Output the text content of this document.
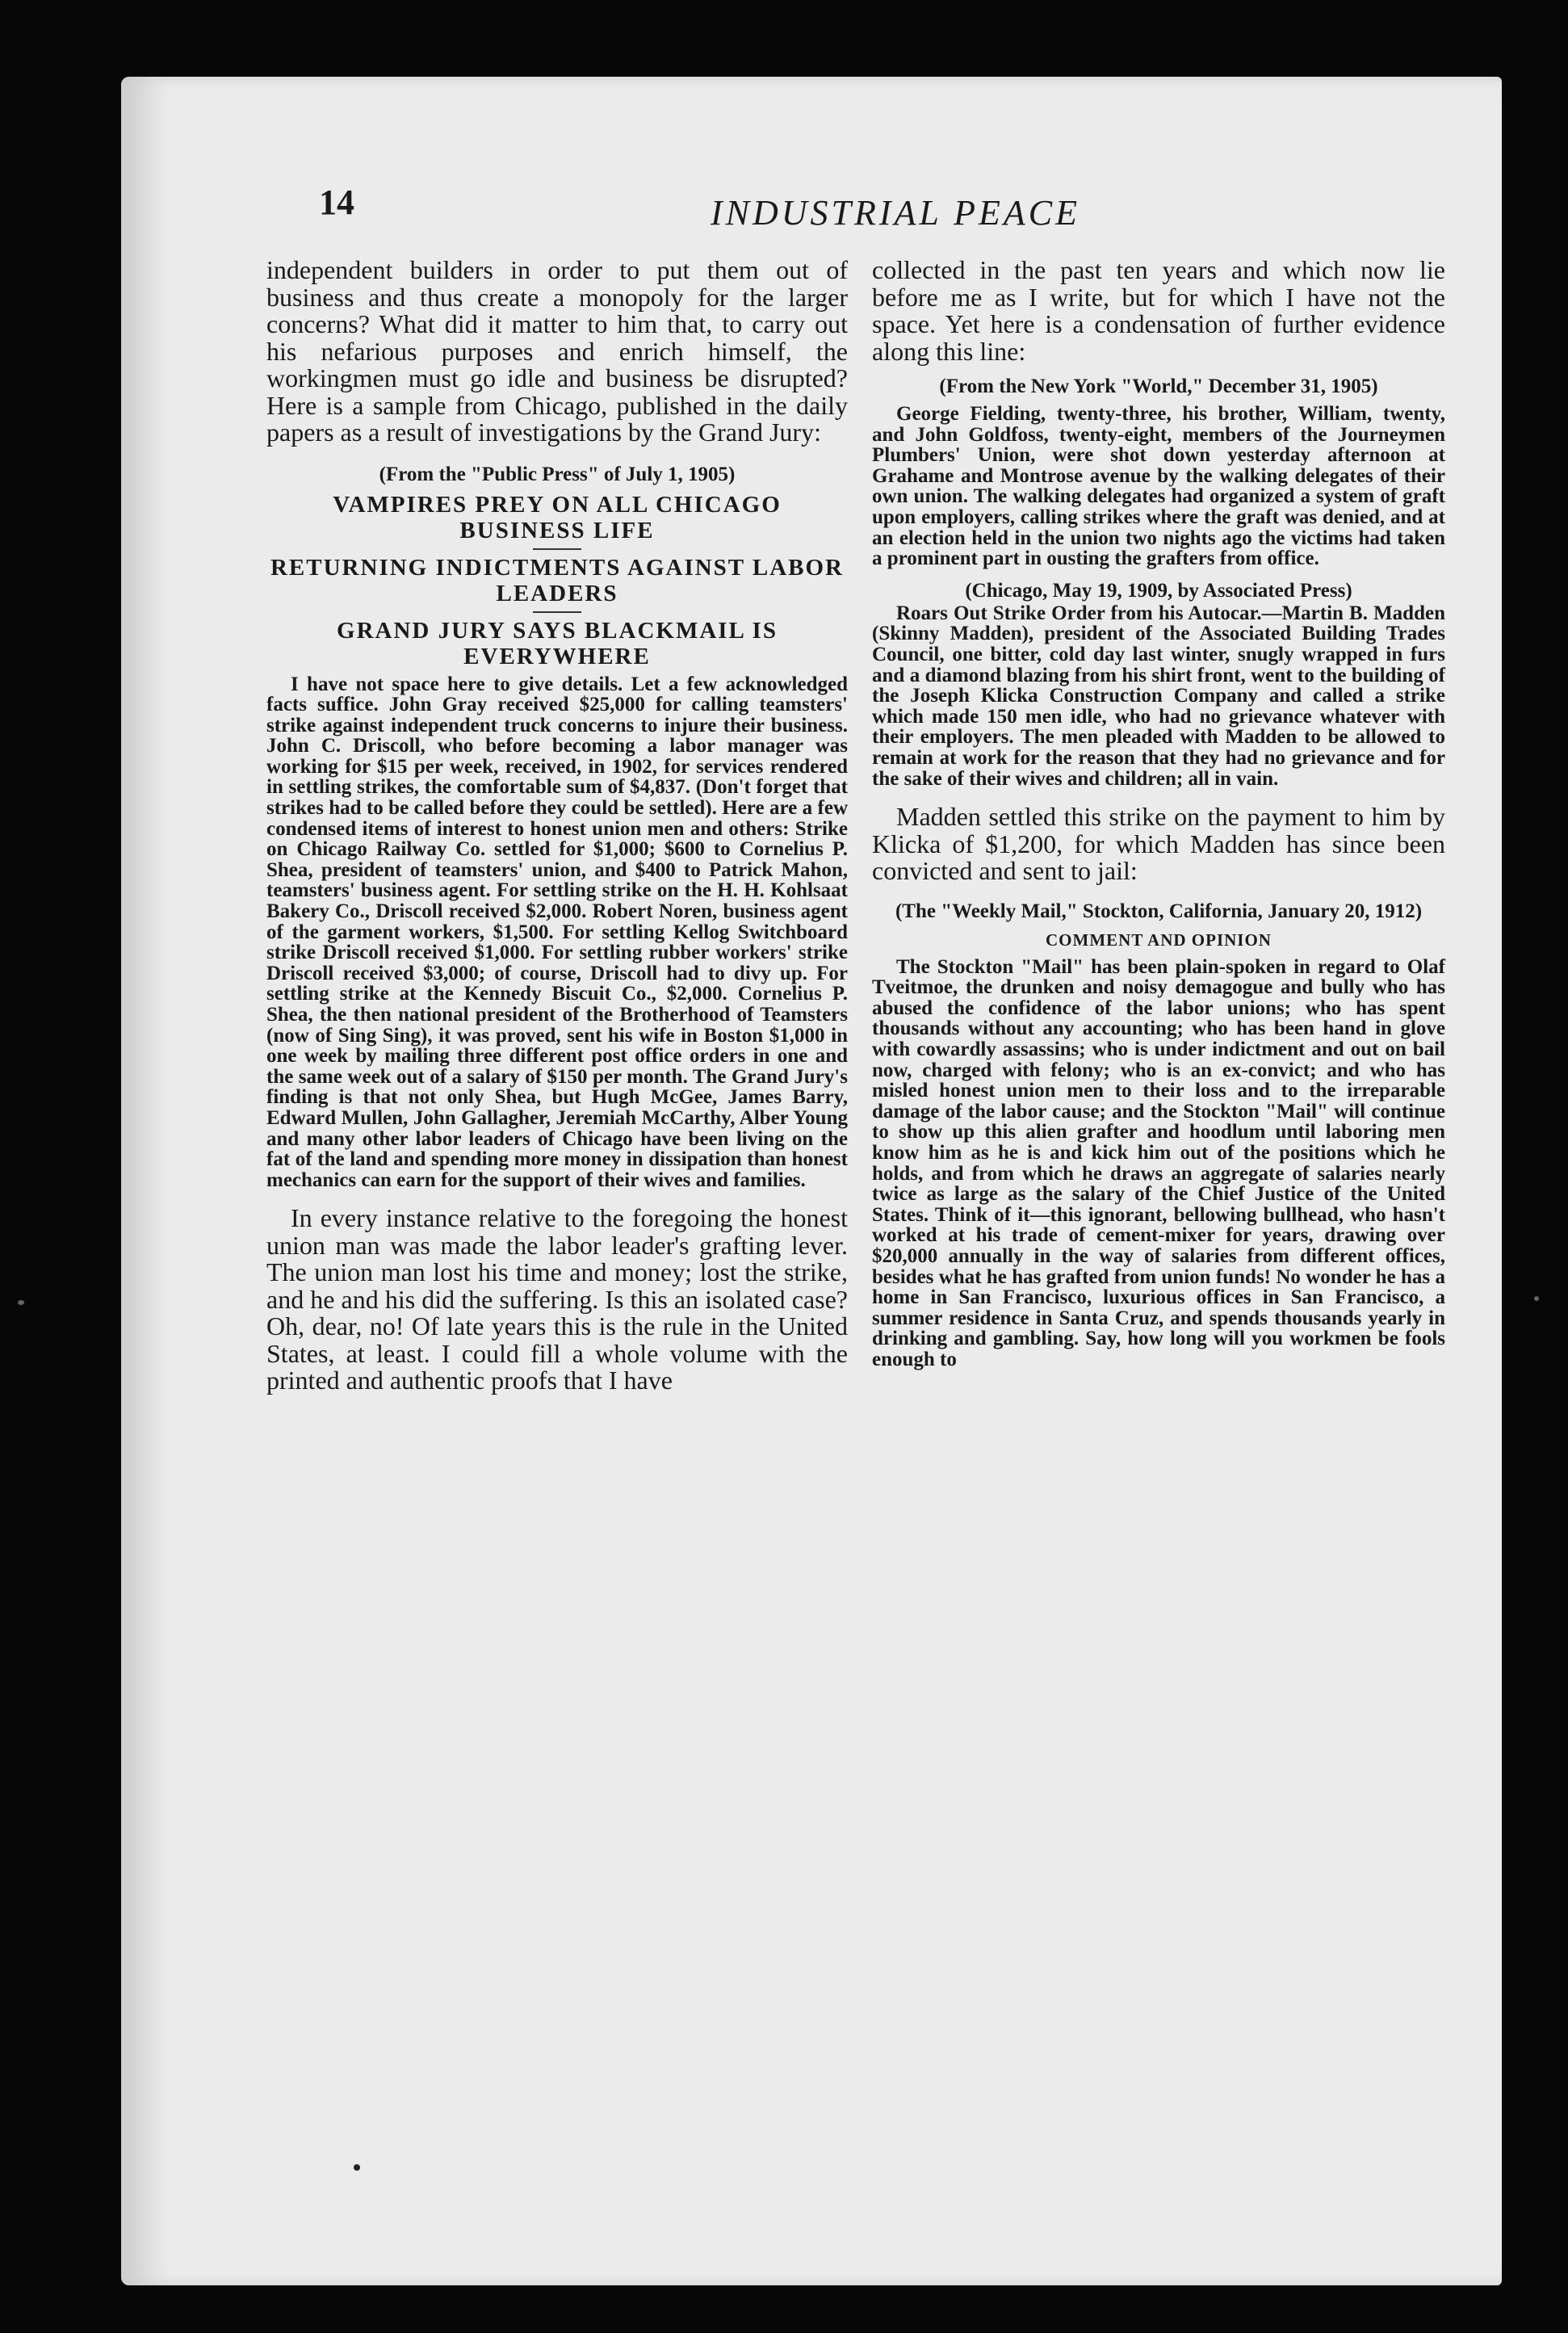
14	INDUSTRIAL PEACE

independent builders in order to put them out of business and thus create a monopoly for the larger concerns? What did it matter to him that, to carry out his nefarious purposes and enrich himself, the workingmen must go idle and business be disrupted? Here is a sample from Chicago, published in the daily papers as a result of investigations by the Grand Jury:

(From the "Public Press" of July 1, 1905)

VAMPIRES PREY ON ALL CHICAGO BUSINESS LIFE

RETURNING INDICTMENTS AGAINST LABOR LEADERS

GRAND JURY SAYS BLACKMAIL IS EVERYWHERE

I have not space here to give details. Let a few acknowledged facts suffice. John Gray received $25,000 for calling teamsters' strike against independent truck concerns to injure their business. John C. Driscoll, who before becoming a labor manager was working for $15 per week, received, in 1902, for services rendered in settling strikes, the comfortable sum of $4,837. (Don't forget that strikes had to be called before they could be settled). Here are a few condensed items of interest to honest union men and others: Strike on Chicago Railway Co. settled for $1,000; $600 to Cornelius P. Shea, president of teamsters' union, and $400 to Patrick Mahon, teamsters' business agent. For settling strike on the H. H. Kohlsaat Bakery Co., Driscoll received $2,000. Robert Noren, business agent of the garment workers, $1,500. For settling Kellog Switchboard strike Driscoll received $1,000. For settling rubber workers' strike Driscoll received $3,000; of course, Driscoll had to divy up. For settling strike at the Kennedy Biscuit Co., $2,000. Cornelius P. Shea, the then national president of the Brotherhood of Teamsters (now of Sing Sing), it was proved, sent his wife in Boston $1,000 in one week by mailing three different post office orders in one and the same week out of a salary of $150 per month. The Grand Jury's finding is that not only Shea, but Hugh McGee, James Barry, Edward Mullen, John Gallagher, Jeremiah McCarthy, Alber Young and many other labor leaders of Chicago have been living on the fat of the land and spending more money in dissipation than honest mechanics can earn for the support of their wives and families.

In every instance relative to the foregoing the honest union man was made the labor leader's grafting lever. The union man lost his time and money; lost the strike, and he and his did the suffering. Is this an isolated case? Oh, dear, no! Of late years this is the rule in the United States, at least. I could fill a whole volume with the printed and authentic proofs that I have

collected in the past ten years and which now lie before me as I write, but for which I have not the space. Yet here is a condensation of further evidence along this line:

(From the New York "World," December 31, 1905)

George Fielding, twenty-three, his brother, William, twenty, and John Goldfoss, twenty-eight, members of the Journeymen Plumbers' Union, were shot down yesterday afternoon at Grahame and Montrose avenue by the walking delegates of their own union. The walking delegates had organized a system of graft upon employers, calling strikes where the graft was denied, and at an election held in the union two nights ago the victims had taken a prominent part in ousting the grafters from office.

(Chicago, May 19, 1909, by Associated Press)

Roars Out Strike Order from his Autocar.—Martin B. Madden (Skinny Madden), president of the Associated Building Trades Council, one bitter, cold day last winter, snugly wrapped in furs and a diamond blazing from his shirt front, went to the building of the Joseph Klicka Construction Company and called a strike which made 150 men idle, who had no grievance whatever with their employers. The men pleaded with Madden to be allowed to remain at work for the reason that they had no grievance and for the sake of their wives and children; all in vain.

Madden settled this strike on the payment to him by Klicka of $1,200, for which Madden has since been convicted and sent to jail:

(The "Weekly Mail," Stockton, California, January 20, 1912)

COMMENT AND OPINION

The Stockton "Mail" has been plain-spoken in regard to Olaf Tveitmoe, the drunken and noisy demagogue and bully who has abused the confidence of the labor unions; who has spent thousands without any accounting; who has been hand in glove with cowardly assassins; who is under indictment and out on bail now, charged with felony; who is an ex-convict; and who has misled honest union men to their loss and to the irreparable damage of the labor cause; and the Stockton "Mail" will continue to show up this alien grafter and hoodlum until laboring men know him as he is and kick him out of the positions which he holds, and from which he draws an aggregate of salaries nearly twice as large as the salary of the Chief Justice of the United States. Think of it—this ignorant, bellowing bullhead, who hasn't worked at his trade of cement-mixer for years, drawing over $20,000 annually in the way of salaries from different offices, besides what he has grafted from union funds! No wonder he has a home in San Francisco, luxurious offices in San Francisco, a summer residence in Santa Cruz, and spends thousands yearly in drinking and gambling. Say, how long will you workmen be fools enough to
